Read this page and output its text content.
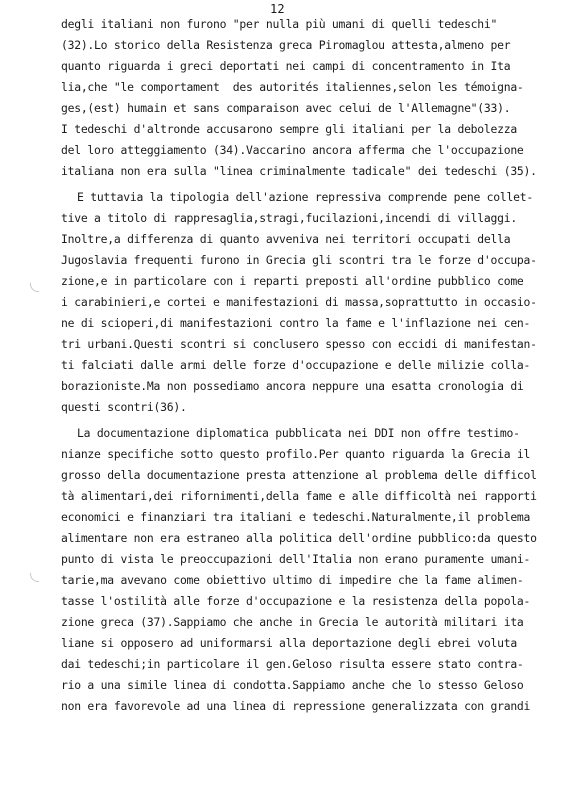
12
degli italiani non furono "per nulla più umani di quelli tedeschi"
(32).Lo storico della Resistenza greca Piromaglou attesta,almeno per
quanto riguarda i greci deportati nei campi di concentramento in Ita
lia,che "le comportament  des autorités italiennes,selon les témoigna-
ges,(est) humain et sans comparaison avec celui de l'Allemagne"(33).
I tedeschi d'altronde accusarono sempre gli italiani per la debolezza
del loro atteggiamento (34).Vaccarino ancora afferma che l'occupazione
italiana non era sulla "linea criminalmente tadicale" dei tedeschi (35).
E tuttavia la tipologia dell'azione repressiva comprende pene collet-
tive a titolo di rappresaglia,stragi,fucilazioni,incendi di villaggi.
Inoltre,a differenza di quanto avveniva nei territori occupati della
Jugoslavia frequenti furono in Grecia gli scontri tra le forze d'occupa-
zione,e in particolare con i reparti preposti all'ordine pubblico come
i carabinieri,e cortei e manifestazioni di massa,soprattutto in occasio-
ne di scioperi,di manifestazioni contro la fame e l'inflazione nei cen-
tri urbani.Questi scontri si conclusero spesso con eccidi di manifestan-
ti falciati dalle armi delle forze d'occupazione e delle milizie colla-
borazioniste.Ma non possediamo ancora neppure una esatta cronologia di
questi scontri(36).
La documentazione diplomatica pubblicata nei DDI non offre testimo-
nianze specifiche sotto questo profilo.Per quanto riguarda la Grecia il
grosso della documentazione presta attenzione al problema delle difficol
tà alimentari,dei rifornimenti,della fame e alle difficoltà nei rapporti
economici e finanziari tra italiani e tedeschi.Naturalmente,il problema
alimentare non era estraneo alla politica dell'ordine pubblico:da questo
punto di vista le preoccupazioni dell'Italia non erano puramente umani-
tarie,ma avevano come obiettivo ultimo di impedire che la fame alimen-
tasse l'ostilità alle forze d'occupazione e la resistenza della popola-
zione greca (37).Sappiamo che anche in Grecia le autorità militari ita
liane si opposero ad uniformarsi alla deportazione degli ebrei voluta
dai tedeschi;in particolare il gen.Geloso risulta essere stato contra-
rio a una simile linea di condotta.Sappiamo anche che lo stesso Geloso
non era favorevole ad una linea di repressione generalizzata con grandi
